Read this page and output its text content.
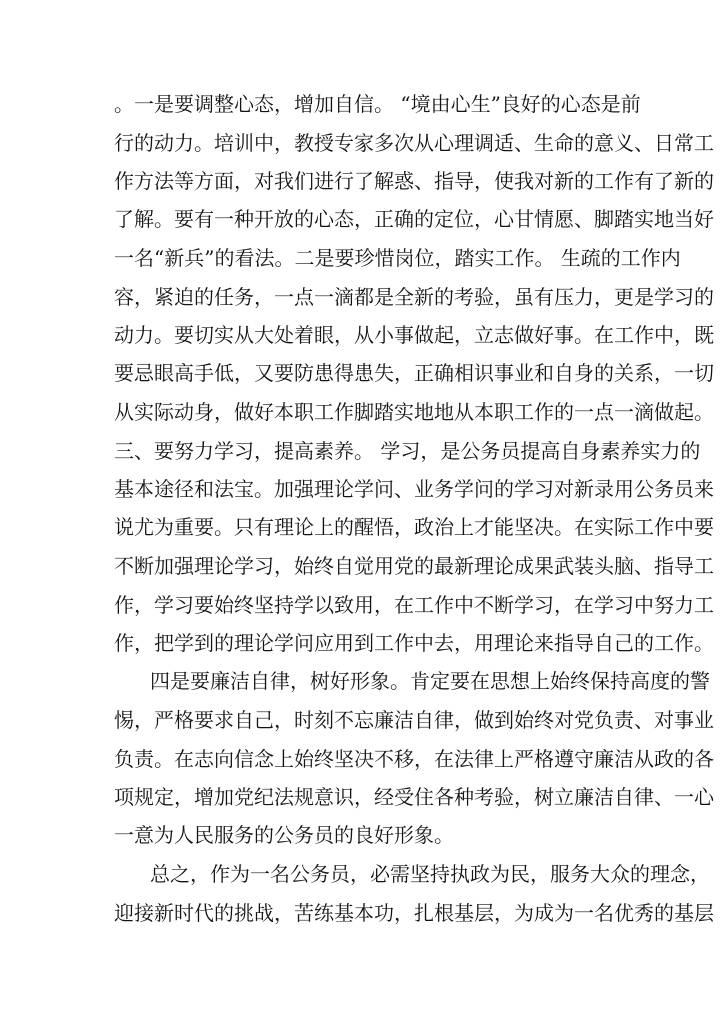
。一是要调整心态，增加自信。 “境由心生”良好的心态是前
行的动力。培训中，教授专家多次从心理调适、生命的意义、日常工
作方法等方面，对我们进行了解惑、指导，使我对新的工作有了新的
了解。要有一种开放的心态，正确的定位，心甘情愿、脚踏实地当好
一名“新兵”的看法。二是要珍惜岗位，踏实工作。 生疏的工作内
容，紧迫的任务，一点一滴都是全新的考验，虽有压力，更是学习的
动力。要切实从大处着眼，从小事做起，立志做好事。在工作中，既
要忌眼高手低，又要防患得患失，正确相识事业和自身的关系，一切
从实际动身，做好本职工作脚踏实地地从本职工作的一点一滴做起。
三、要努力学习，提高素养。 学习，是公务员提高自身素养实力的
基本途径和法宝。加强理论学问、业务学问的学习对新录用公务员来
说尤为重要。只有理论上的醒悟，政治上才能坚决。在实际工作中要
不断加强理论学习，始终自觉用党的最新理论成果武装头脑、指导工
作，学习要始终坚持学以致用，在工作中不断学习，在学习中努力工
作，把学到的理论学问应用到工作中去，用理论来指导自己的工作。
四是要廉洁自律，树好形象。肯定要在思想上始终保持高度的警
惕，严格要求自己，时刻不忘廉洁自律，做到始终对党负责、对事业
负责。在志向信念上始终坚决不移，在法律上严格遵守廉洁从政的各
项规定，增加党纪法规意识，经受住各种考验，树立廉洁自律、一心
一意为人民服务的公务员的良好形象。
总之，作为一名公务员，必需坚持执政为民，服务大众的理念，
迎接新时代的挑战，苦练基本功，扎根基层，为成为一名优秀的基层
